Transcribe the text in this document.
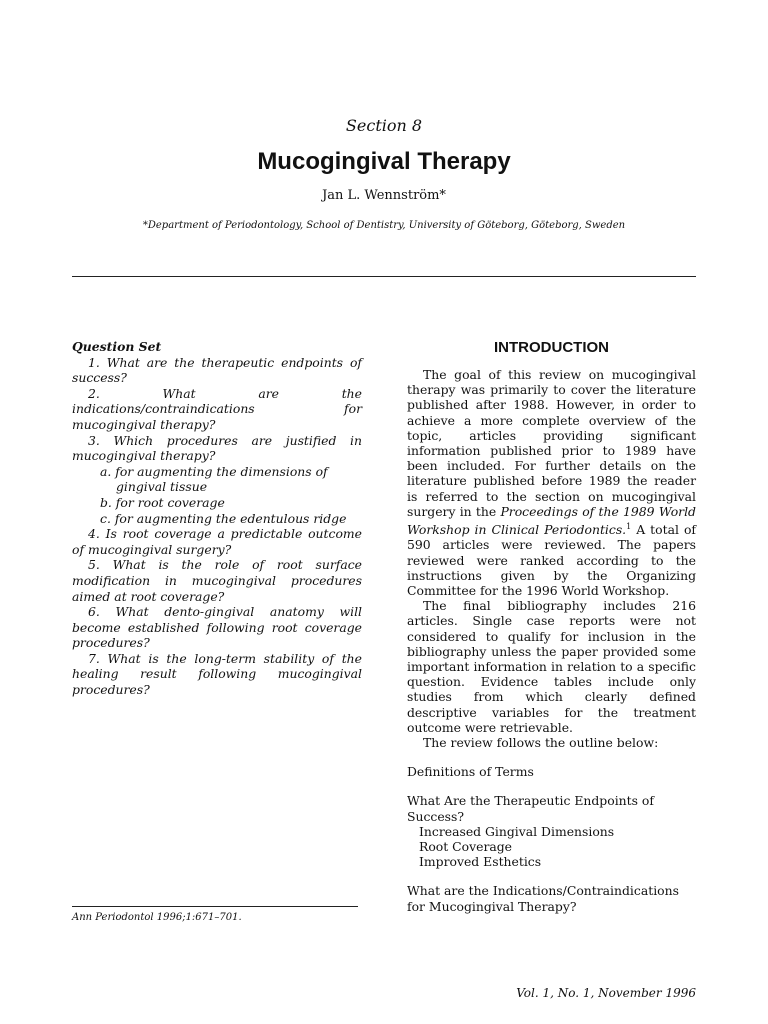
Section 8
Mucogingival Therapy
Jan L. Wennström*
*Department of Periodontology, School of Dentistry, University of Göteborg, Göteborg, Sweden

Question Set

1. What are the therapeutic endpoints of success?

2. What are the indications/contraindications for mucogingival therapy?

3. Which procedures are justified in mucogingival therapy?

a. for augmenting the dimensions of gingival tissue

b. for root coverage

c. for augmenting the edentulous ridge

4. Is root coverage a predictable outcome of mucogingival surgery?

5. What is the role of root surface modification in mucogingival procedures aimed at root coverage?

6. What dento-gingival anatomy will become established following root coverage procedures?

7. What is the long-term stability of the healing result following mucogingival procedures?

Ann Periodontol 1996;1:671–701.
INTRODUCTION

The goal of this review on mucogingival therapy was primarily to cover the literature published after 1988. However, in order to achieve a more complete overview of the topic, articles providing significant information published prior to 1989 have been included. For further details on the literature published before 1989 the reader is referred to the section on mucogingival surgery in the Proceedings of the 1989 World Workshop in Clinical Periodontics.$^1$ A total of 590 articles were reviewed. The papers reviewed were ranked according to the instructions given by the Organizing Committee for the 1996 World Workshop.

The final bibliography includes 216 articles. Single case reports were not considered to qualify for inclusion in the bibliography unless the paper provided some important information in relation to a specific question. Evidence tables include only studies from which clearly defined descriptive variables for the treatment outcome were retrievable.

The review follows the outline below:

Definitions of Terms

What Are the Therapeutic Endpoints of Success?

Increased Gingival Dimensions

Root Coverage

Improved Esthetics

What are the Indications/Contraindications for Mucogingival Therapy?

Vol. 1, No. 1, November 1996
